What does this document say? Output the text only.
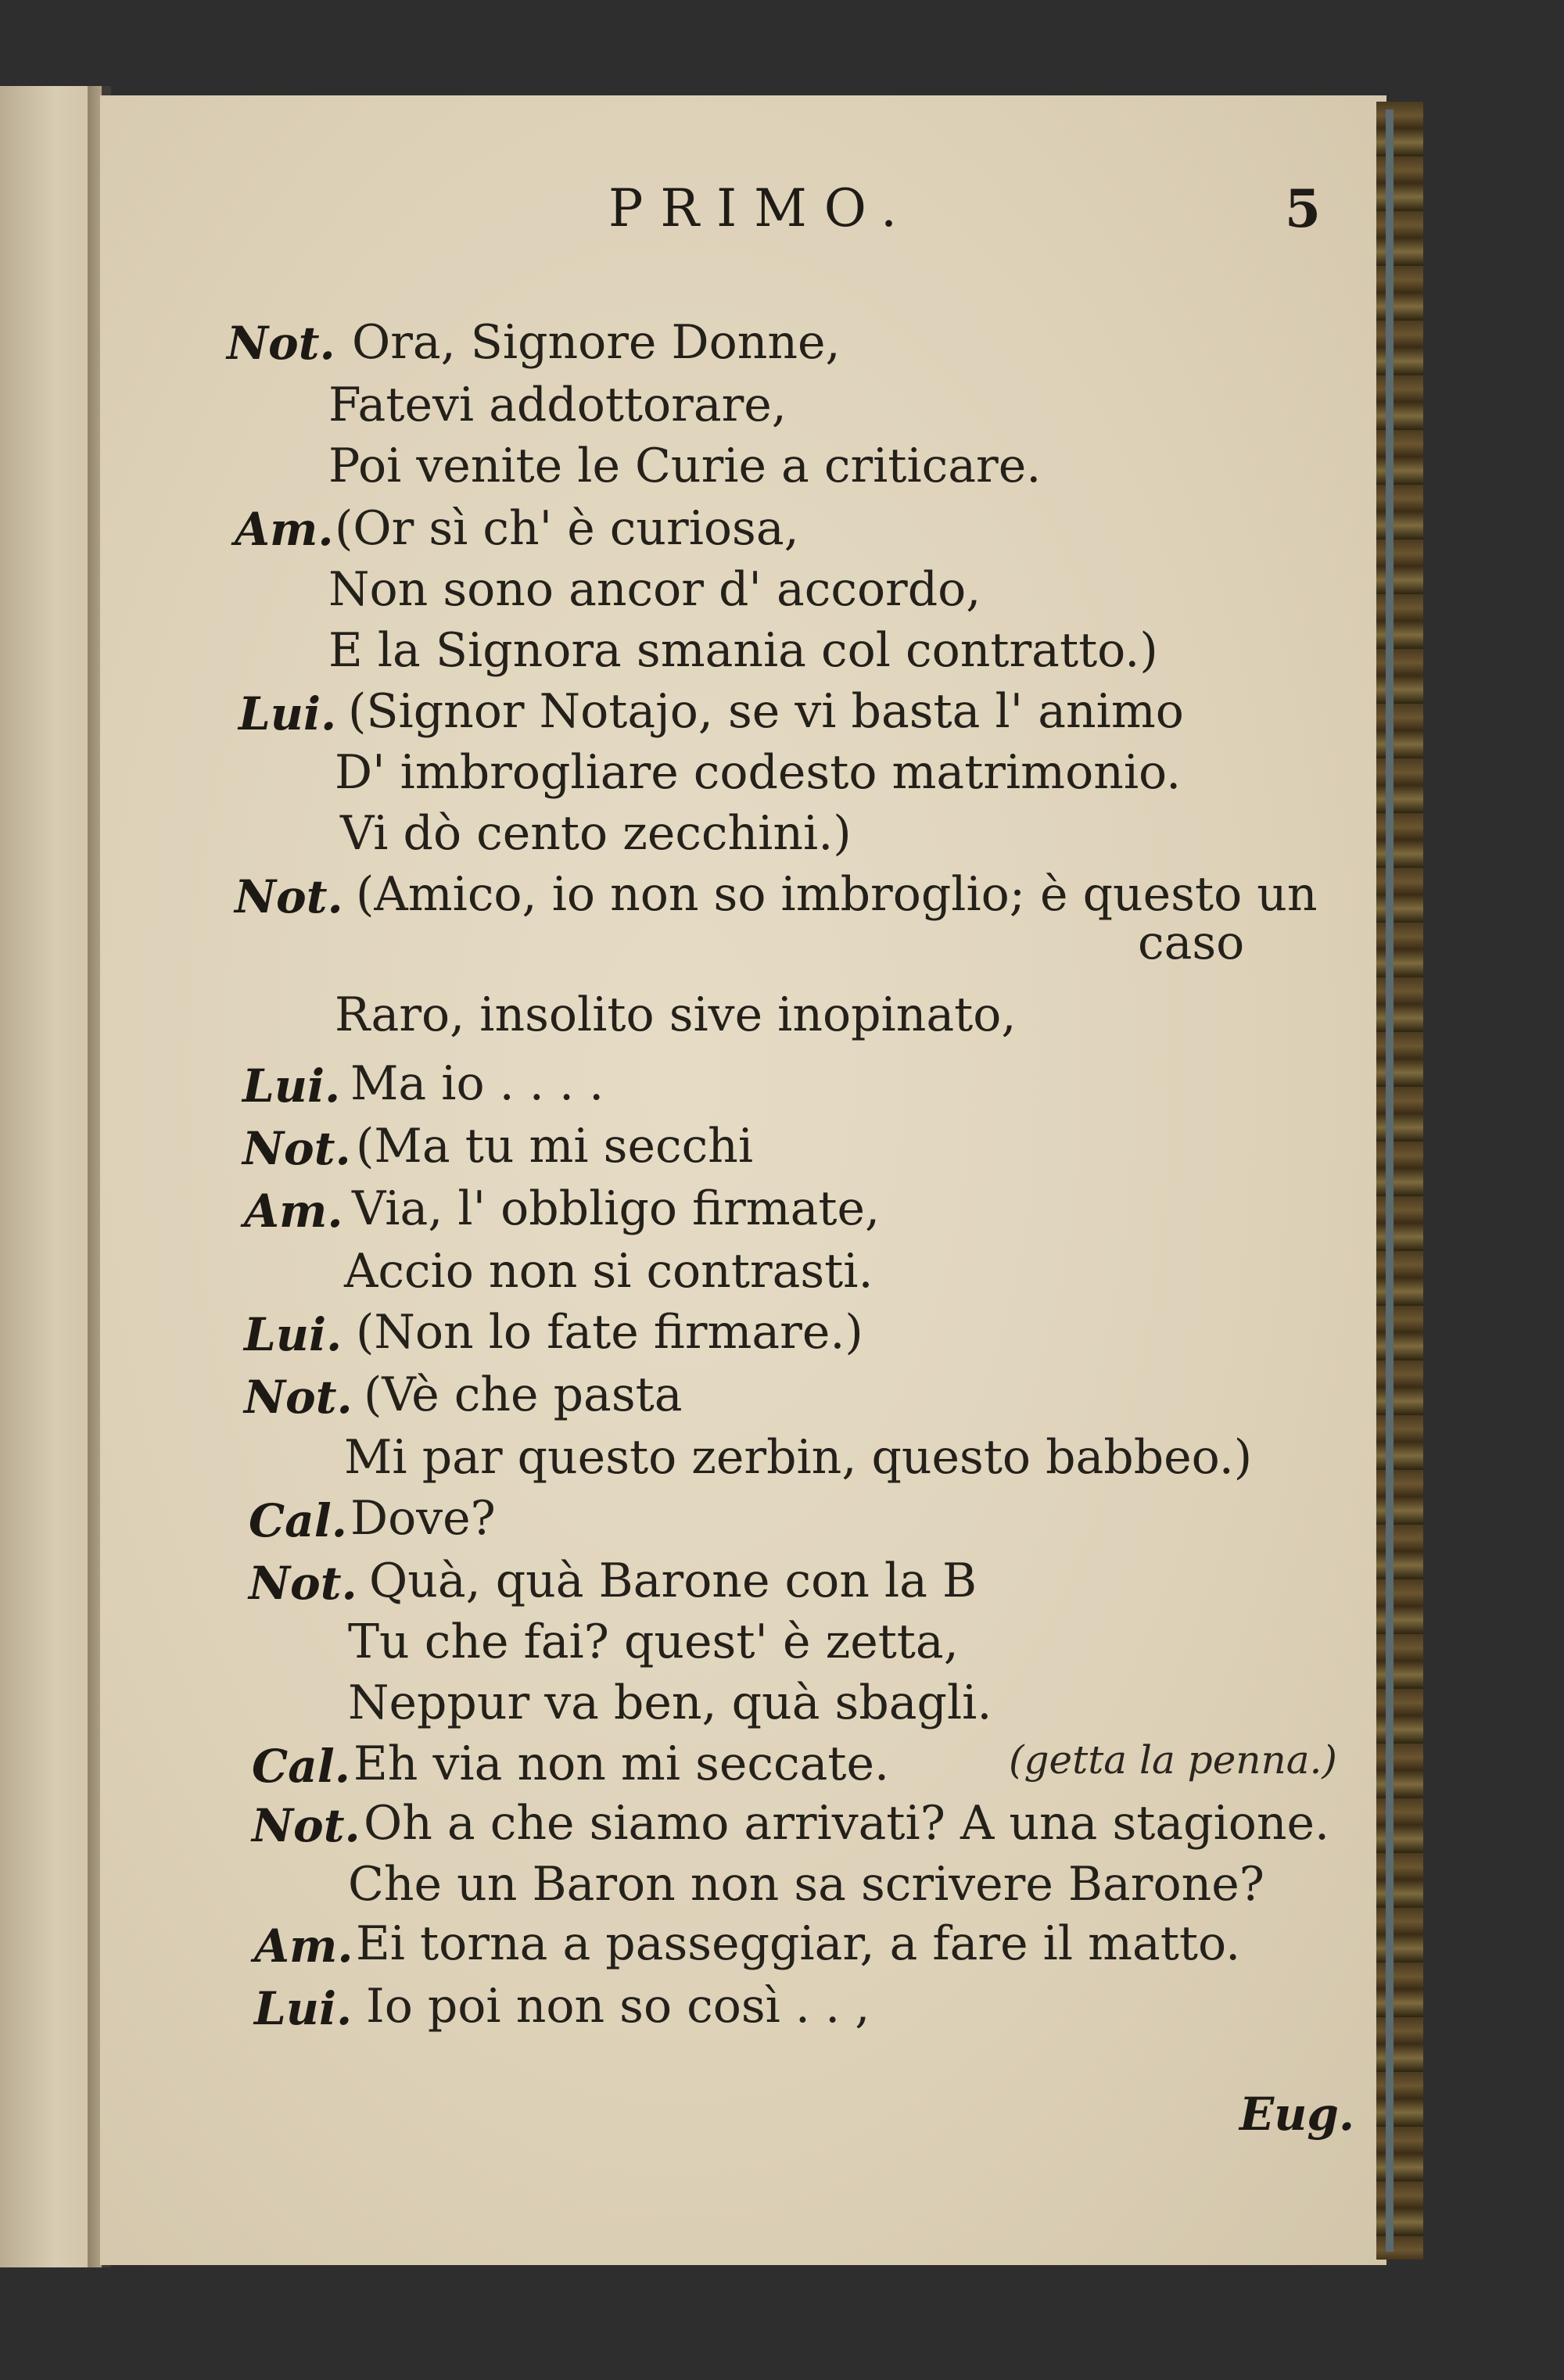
PRIMO.	5
Not. Ora, Signore Donne,
Fatevi addottorare,
Poi venite le Curie a criticare.
Am. (Or sì ch' è curiosa,
Non sono ancor d' accordo,
E la Signora smania col contratto.)
Lui. (Signor Notajo, se vi basta l' animo
D' imbrogliare codesto matrimonio.
Vi dò cento zecchini.)
Not. (Amico, io non so imbroglio; è questo un
caso
Raro, insolito sive inopinato,
Lui. Ma io . . . .
Not. (Ma tu mi secchi
Am. Via, l' obbligo firmate,
Accio non si contrasti.
Lui. (Non lo fate firmare.)
Not. (Vè che pasta
Mi par questo zerbin, questo babbeo.)
Cal. Dove?
Not. Quà, quà Barone con la B
Tu che fai? quest' è zetta,
Neppur va ben, quà sbagli.
Cal. Eh via non mi seccate.	(getta la penna.)
Not. Oh a che siamo arrivati? A una stagione.
Che un Baron non sa scrivere Barone?
Am. Ei torna a passeggiar, a fare il matto.
Lui. Io poi non so così . . ,
Eug.
